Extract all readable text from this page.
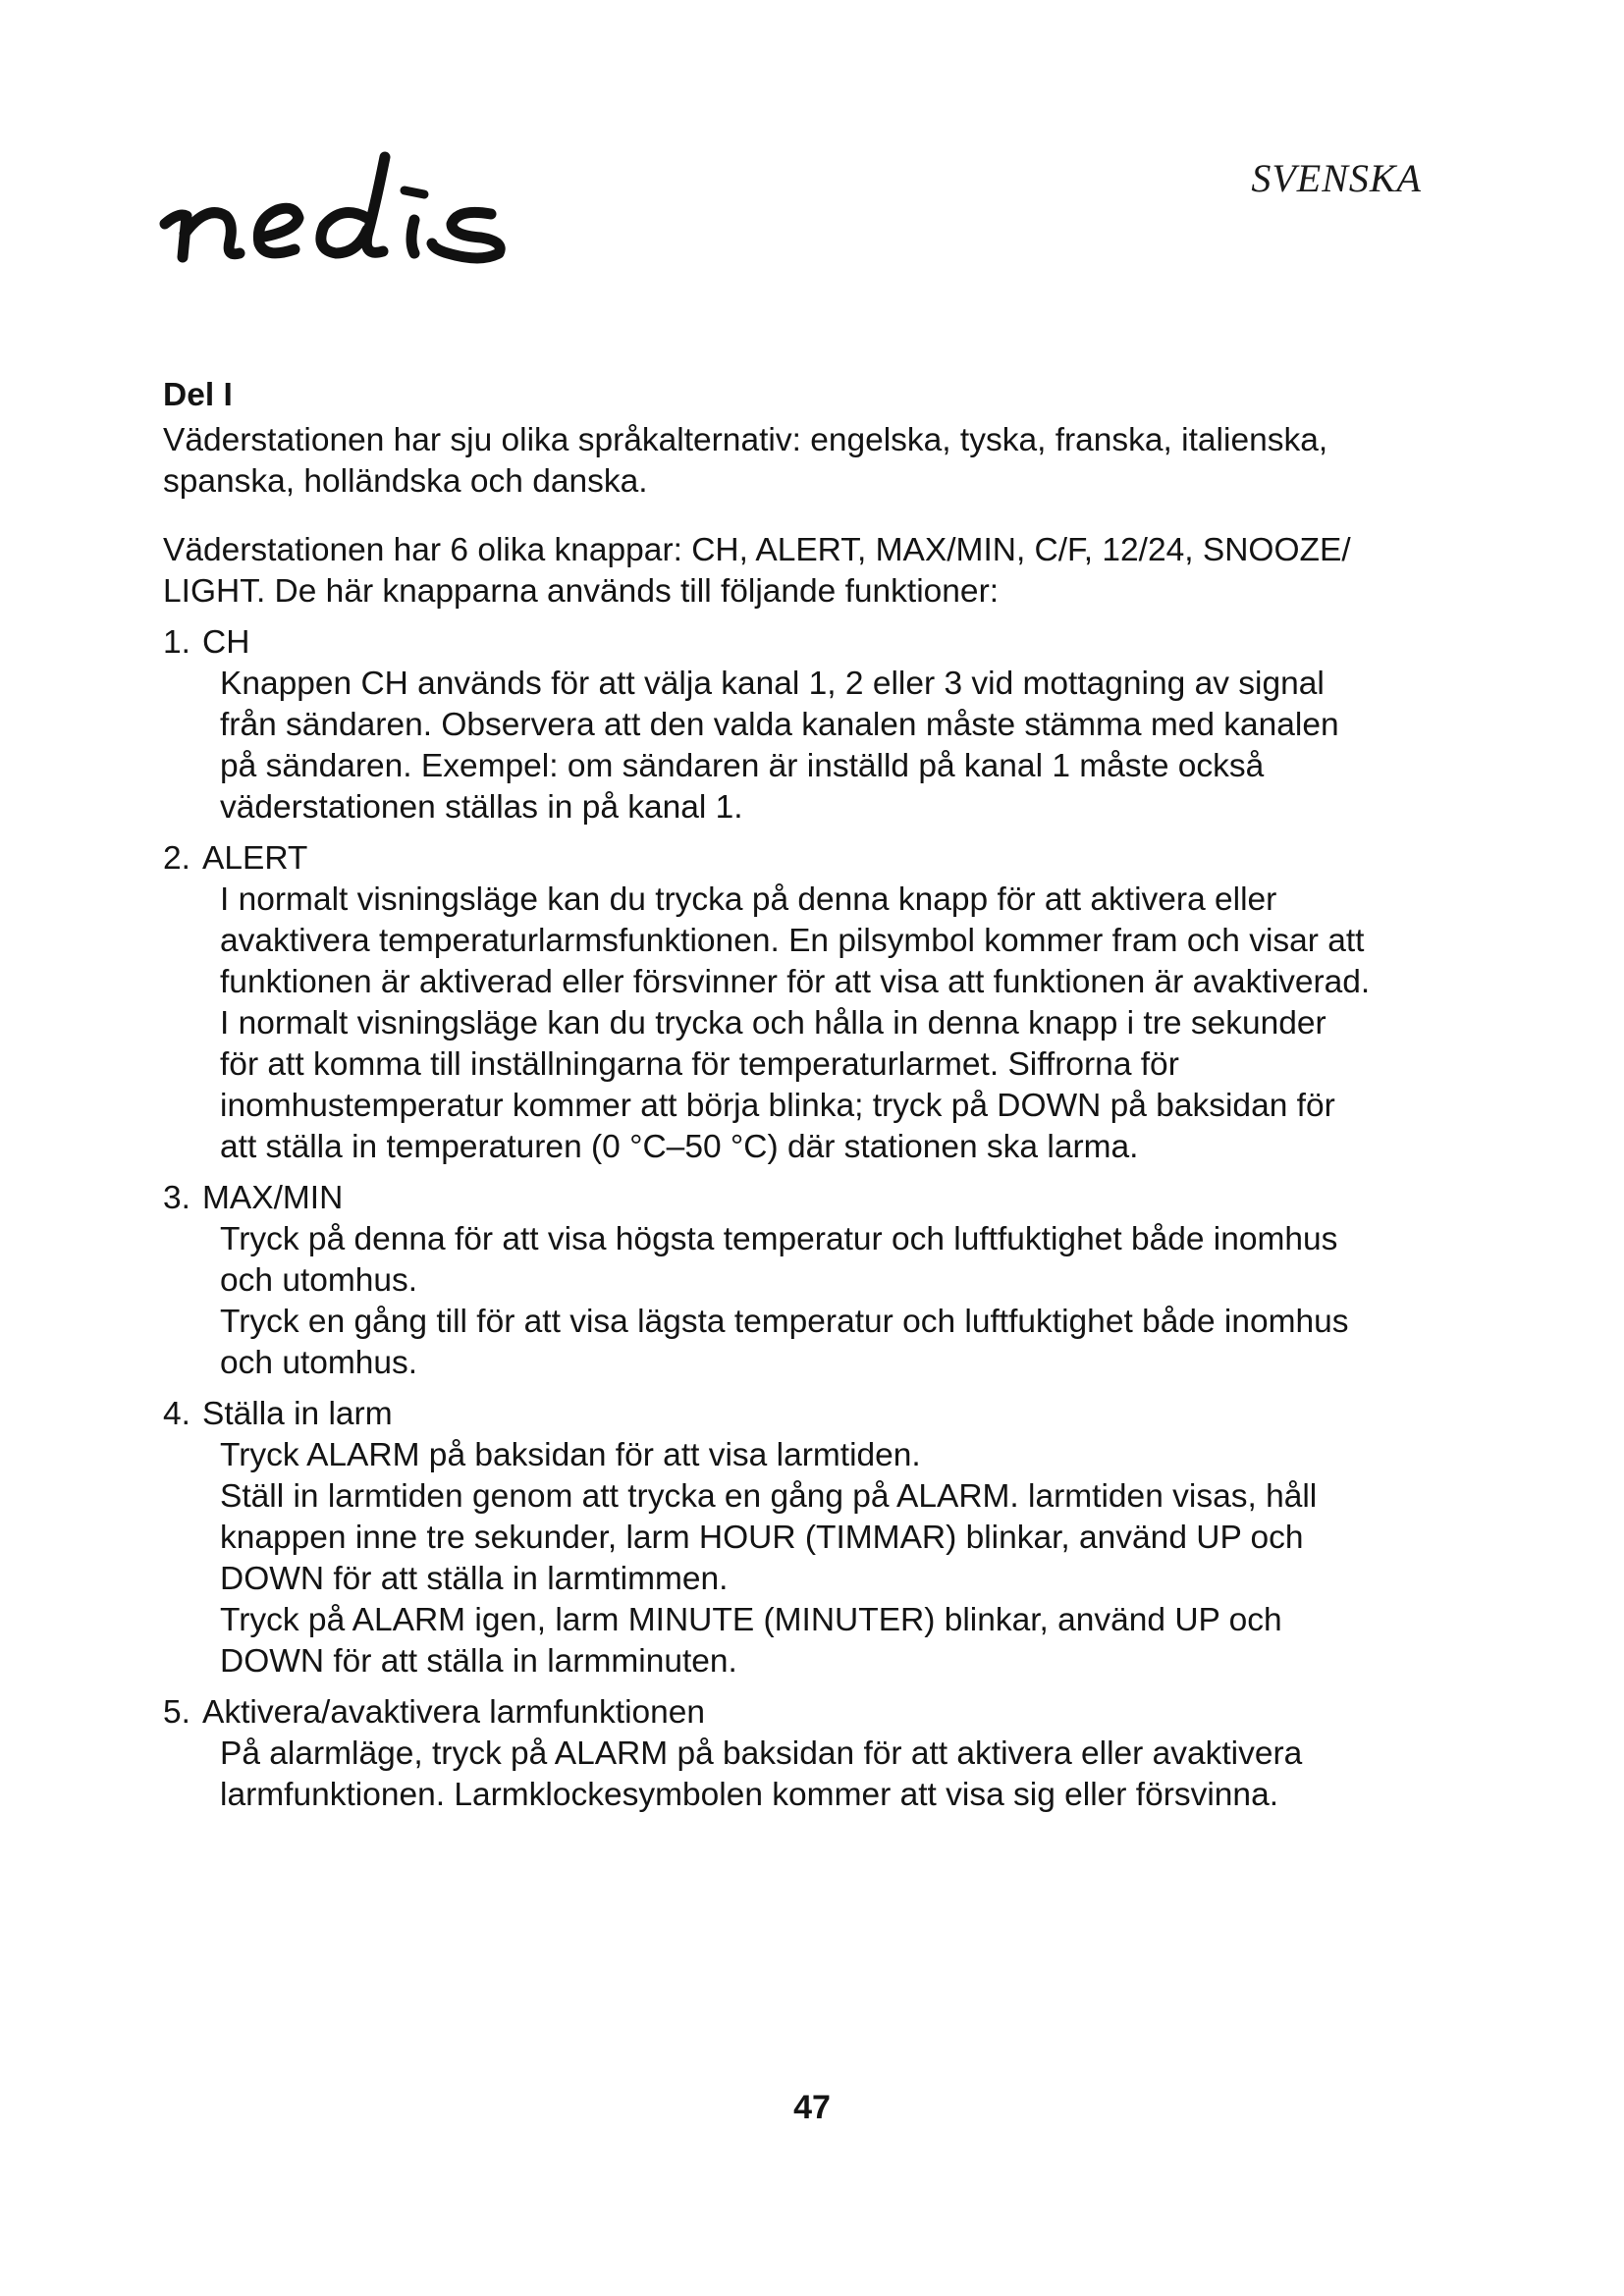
SVENSKA

Del I

Väderstationen har sju olika språkalternativ: engelska, tyska, franska, italienska, spanska, holländska och danska.

Väderstationen har 6 olika knappar: CH, ALERT, MAX/MIN, C/F, 12/24, SNOOZE/ LIGHT. De här knapparna används till följande funktioner:

1. CH

Knappen CH används för att välja kanal 1, 2 eller 3 vid mottagning av signal från sändaren. Observera att den valda kanalen måste stämma med kanalen på sändaren. Exempel: om sändaren är inställd på kanal 1 måste också väderstationen ställas in på kanal 1.

2. ALERT

I normalt visningsläge kan du trycka på denna knapp för att aktivera eller avaktivera temperaturlarmsfunktionen. En pilsymbol kommer fram och visar att funktionen är aktiverad eller försvinner för att visa att funktionen är avaktiverad.

I normalt visningsläge kan du trycka och hålla in denna knapp i tre sekunder för att komma till inställningarna för temperaturlarmet. Siffrorna för inomhustemperatur kommer att börja blinka; tryck på DOWN på baksidan för att ställa in temperaturen (0 °C–50 °C) där stationen ska larma.

3. MAX/MIN

Tryck på denna för att visa högsta temperatur och luftfuktighet både inomhus och utomhus.

Tryck en gång till för att visa lägsta temperatur och luftfuktighet både inomhus och utomhus.

4. Ställa in larm

Tryck ALARM på baksidan för att visa larmtiden.

Ställ in larmtiden genom att trycka en gång på ALARM. larmtiden visas, håll knappen inne tre sekunder, larm HOUR (TIMMAR) blinkar, använd UP och DOWN för att ställa in larmtimmen.

Tryck på ALARM igen, larm MINUTE (MINUTER) blinkar, använd UP och DOWN för att ställa in larmminuten.

5. Aktivera/avaktivera larmfunktionen

På alarmläge, tryck på ALARM på baksidan för att aktivera eller avaktivera larmfunktionen. Larmklockesymbolen kommer att visa sig eller försvinna.

47
